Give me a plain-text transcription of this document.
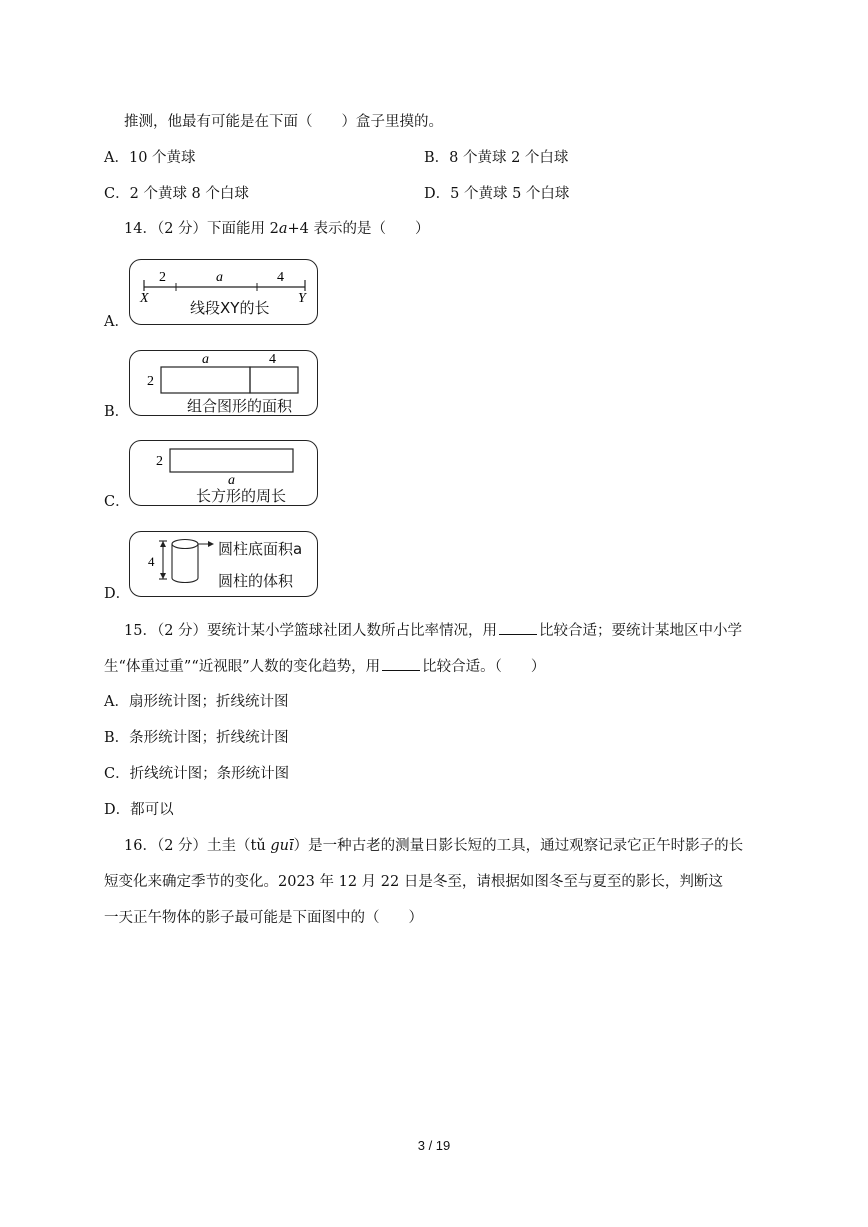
推测，他最有可能是在下面（　　）盒子里摸的。
A．10 个黄球	B．8 个黄球 2 个白球
C．2 个黄球 8 个白球	D．5 个黄球 5 个白球
14．（2 分）下面能用 2a+4 表示的是（　　）
A．
2	a	4
X	Y
线段XY的长
B．
a	4
2
组合图形的面积
C．
2
a
长方形的周长
D．
4
圆柱底面积a
圆柱的体积
15．（2 分）要统计某小学篮球社团人数所占比率情况，用	比较合适；要统计某地区中小学
生“体重过重”“近视眼”人数的变化趋势，用	比较合适。（　　）
A．扇形统计图；折线统计图
B．条形统计图；折线统计图
C．折线统计图；条形统计图
D．都可以
16．（2 分）土圭（tǔ guī）是一种古老的测量日影长短的工具，通过观察记录它正午时影子的长
短变化来确定季节的变化。2023 年 12 月 22 日是冬至，请根据如图冬至与夏至的影长，判断这
一天正午物体的影子最可能是下面图中的（　　）
3 / 19
